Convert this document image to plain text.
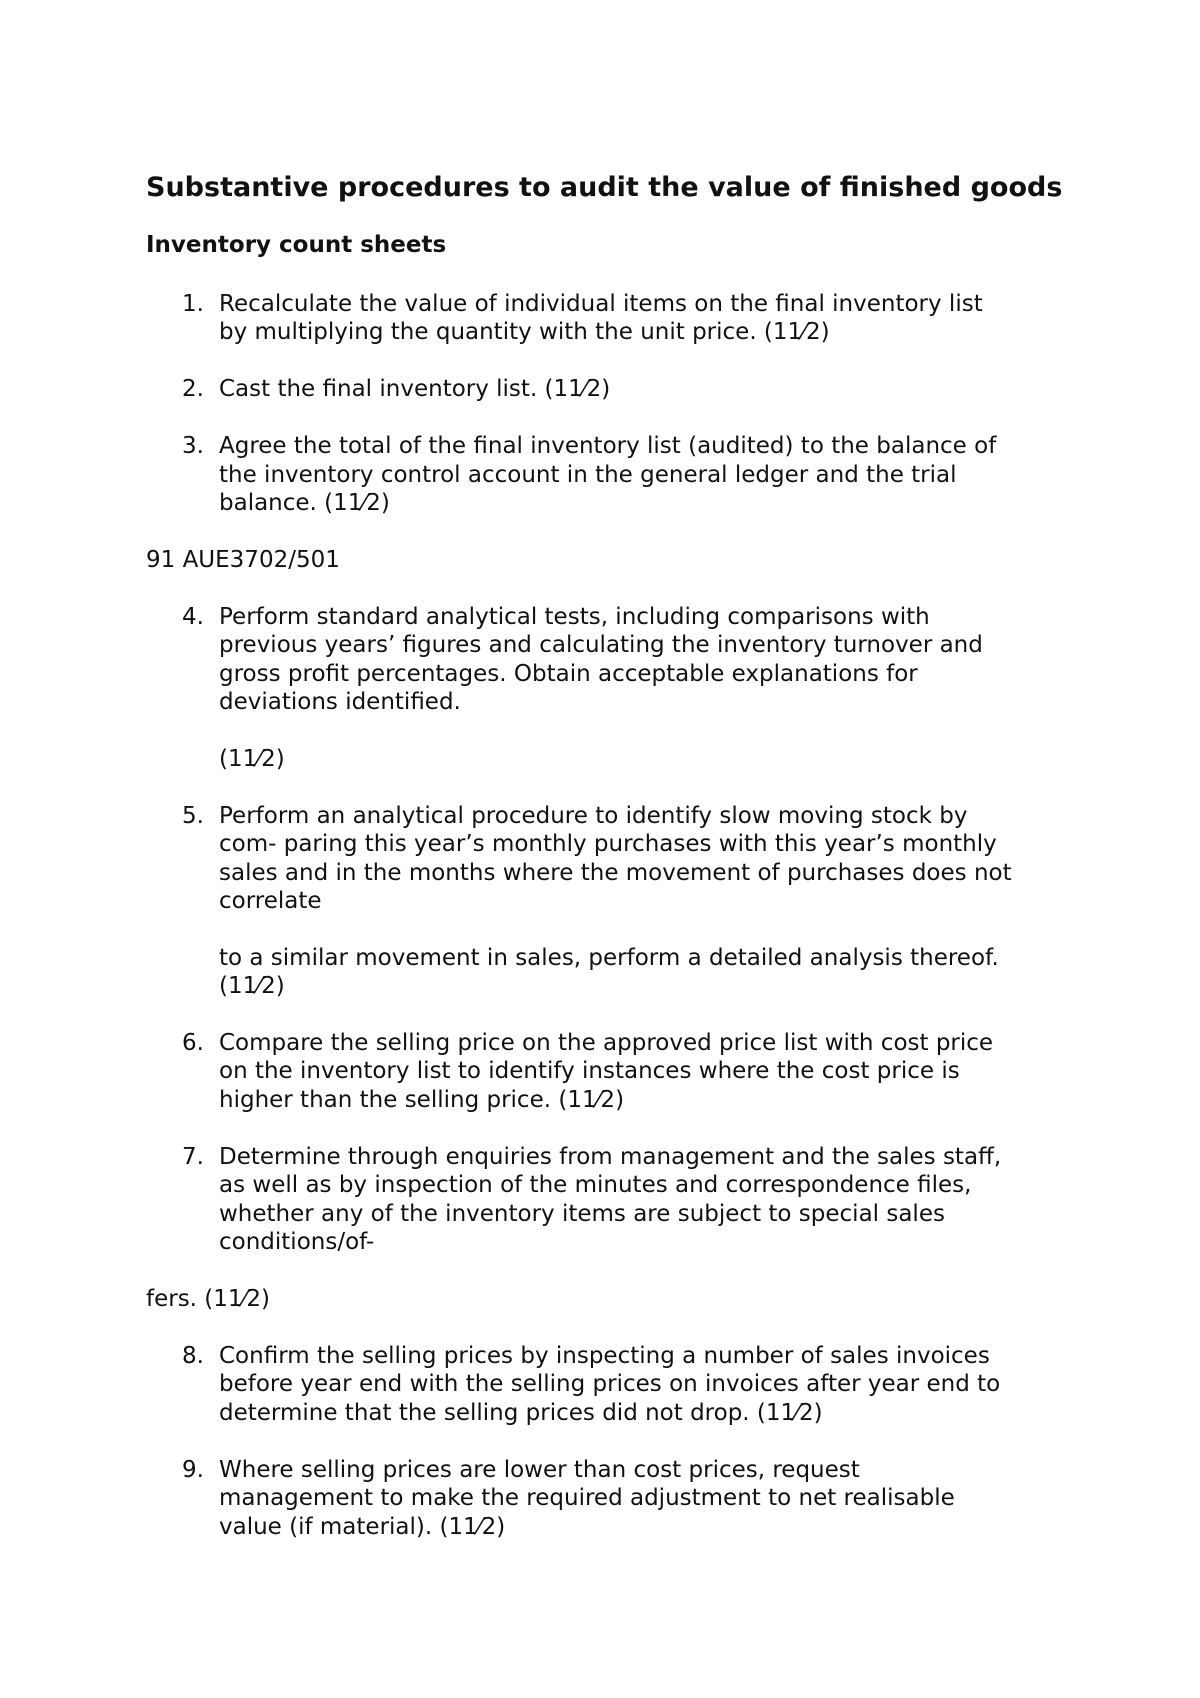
Substantive procedures to audit the value of finished goods
Inventory count sheets
1. Recalculate the value of individual items on the final inventory list
by multiplying the quantity with the unit price. (11⁄2)
2. Cast the final inventory list. (11⁄2)
3. Agree the total of the final inventory list (audited) to the balance of
the inventory control account in the general ledger and the trial
balance. (11⁄2)
91 AUE3702/501
4. Perform standard analytical tests, including comparisons with
previous years’ figures and calculating the inventory turnover and
gross profit percentages. Obtain acceptable explanations for
deviations identified.
(11⁄2)
5. Perform an analytical procedure to identify slow moving stock by
com- paring this year’s monthly purchases with this year’s monthly
sales and in the months where the movement of purchases does not
correlate
to a similar movement in sales, perform a detailed analysis thereof.
(11⁄2)
6. Compare the selling price on the approved price list with cost price
on the inventory list to identify instances where the cost price is
higher than the selling price. (11⁄2)
7. Determine through enquiries from management and the sales staff,
as well as by inspection of the minutes and correspondence files,
whether any of the inventory items are subject to special sales
conditions/of-
fers. (11⁄2)
8. Confirm the selling prices by inspecting a number of sales invoices
before year end with the selling prices on invoices after year end to
determine that the selling prices did not drop. (11⁄2)
9. Where selling prices are lower than cost prices, request
management to make the required adjustment to net realisable
value (if material). (11⁄2)
